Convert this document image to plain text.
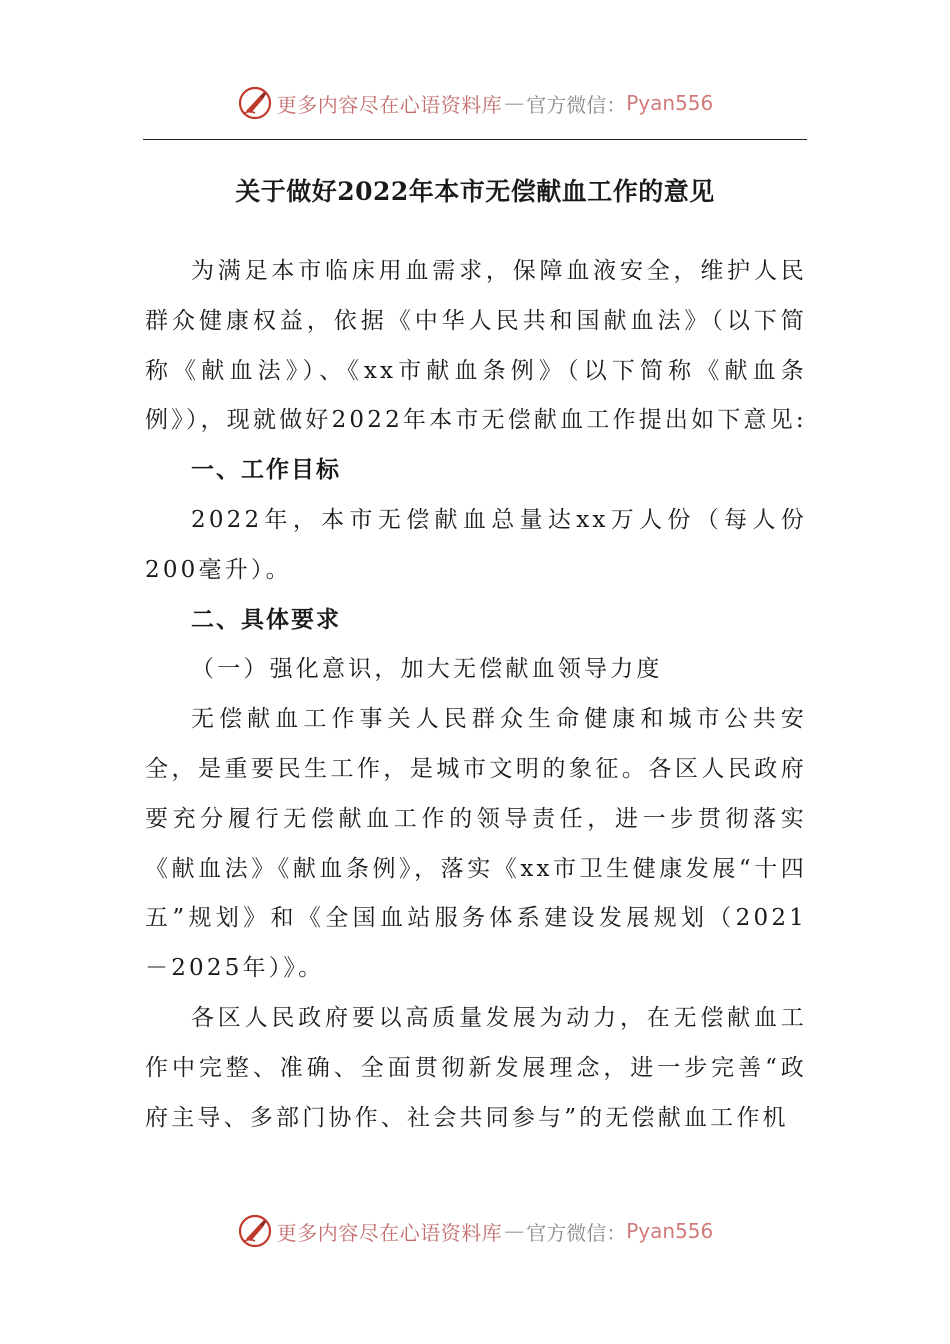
更多内容尽在心语资料库 — 官方微信： Pyan556
关于做好2022年本市无偿献血工作的意见

为满足本市临床用血需求，保障血液安全，维护人民群众健康权益，依据《中华人民共和国献血法》（以下简称《献血法》）、《xx市献血条例》（以下简称《献血条例》），现就做好2022年本市无偿献血工作提出如下意见:

一、工作目标

2022年，本市无偿献血总量达xx万人份（每人份200毫升）。

二、具体要求

（一）强化意识，加大无偿献血领导力度

无偿献血工作事关人民群众生命健康和城市公共安全，是重要民生工作，是城市文明的象征。各区人民政府要充分履行无偿献血工作的领导责任，进一步贯彻落实《献血法》《献血条例》，落实《xx市卫生健康发展“十四五”规划》和《全国血站服务体系建设发展规划（2021－2025年）》。

各区人民政府要以高质量发展为动力，在无偿献血工作中完整、准确、全面贯彻新发展理念，进一步完善“政府主导、多部门协作、社会共同参与”的无偿献血工作机

更多内容尽在心语资料库 — 官方微信： Pyan556
